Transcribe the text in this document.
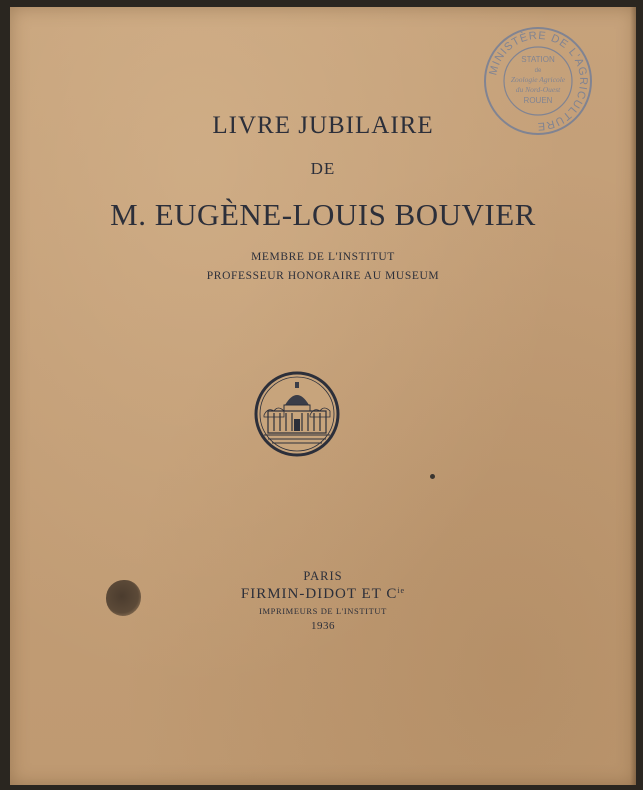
MINISTÈRE DE L'AGRICULTURE
STATION
de
Zoologie Agricole
du Nord-Ouest
ROUEN
LIVRE JUBILAIRE
DE
M. EUGÈNE-LOUIS BOUVIER
MEMBRE DE L'INSTITUT
PROFESSEUR HONORAIRE AU MUSEUM
PARIS
FIRMIN-DIDOT ET $C^{ie}$
IMPRIMEURS DE L'INSTITUT
1936
